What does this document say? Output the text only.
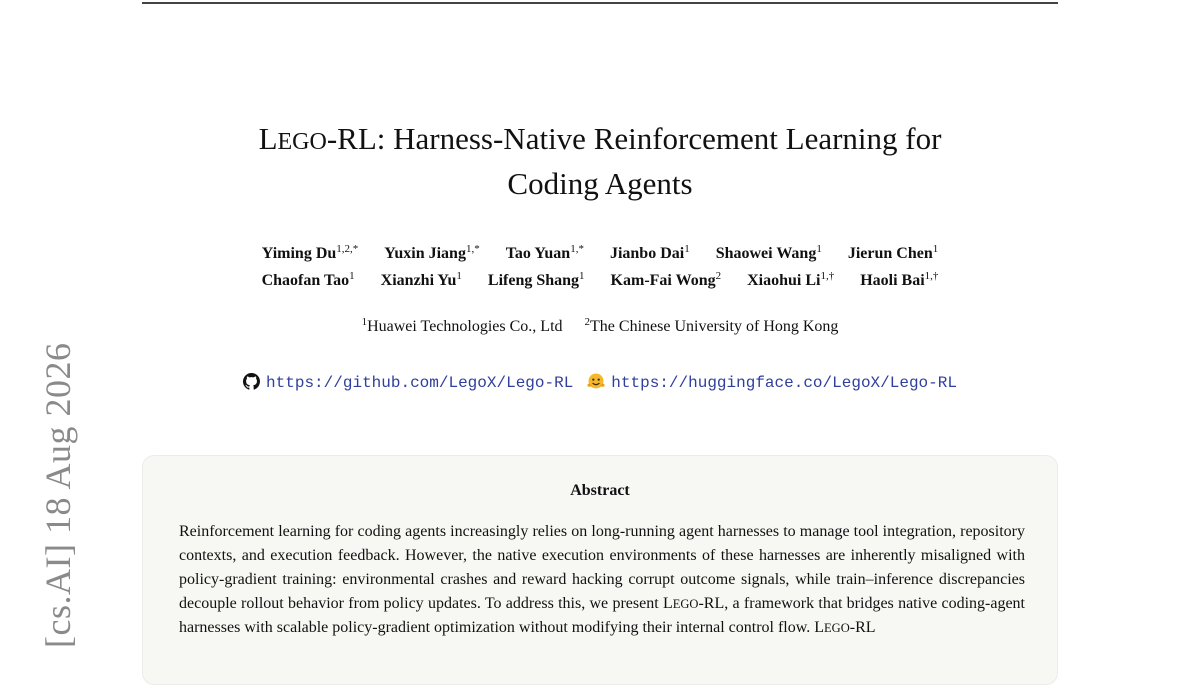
[cs.AI] 18 Aug 2026
LEGO-RL: Harness-Native Reinforcement Learning for
Coding Agents
Yiming $Du^{1,2,*}$ Yuxin Jiang$^{1,*}$ Tao Yuan$^{1,*}$ Jianbo Dai$^1$ Shaowei Wang$^1$ Jierun Chen$^1$
Chaofan Tao$^1$ Xianzhi Yu$^1$ Lifeng Shang$^1$ Kam-Fai Wong$^2$ Xiaohui $Li^{1,\dagger}$ Haoli Bai$^{1,\dagger}$
$^1$Huawei Technologies Co., Ltd $^2$The Chinese University of Hong Kong
https://github.com/LegoX/Lego-RL https://huggingface.co/LegoX/Lego-RL
Abstract
Reinforcement learning for coding agents increasingly relies on long-running agent harnesses to manage tool integration, repository contexts, and execution feedback. However, the native execution environments of these harnesses are inherently misaligned with policy-gradient training: environmental crashes and reward hacking corrupt outcome signals, while train–inference discrepancies decouple rollout behavior from policy updates. To address this, we present LEGO-RL, a framework that bridges native coding-agent harnesses with scalable policy-gradient optimization without modifying their internal control flow. LEGO-RL
